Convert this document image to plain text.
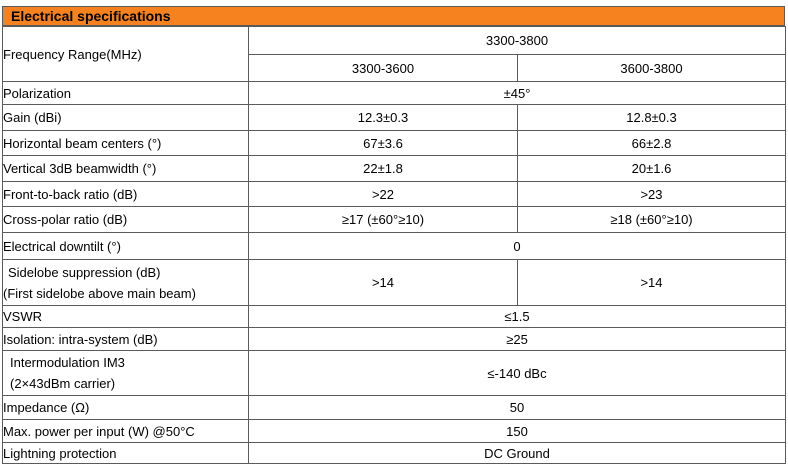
Electrical specifications
Frequency Range(MHz)	3300-3800	
	3300-3600	3600-3800
Polarization	±45°	
Gain (dBi)	12.3±0.3	12.8±0.3
Horizontal beam centers (°)	67±3.6	66±2.8
Vertical 3dB beamwidth (°)	22±1.8	20±1.6
Front-to-back ratio (dB)	>22	>23
Cross-polar ratio (dB)	≥17 (±60°≥10)	≥18 (±60°≥10)
Electrical downtilt (°)	0	

Sidelobe suppression (dB)
(First sidelobe above main beam)	>14	>14
VSWR	≤1.5	
Isolation: intra-system (dB)	≥25	

Intermodulation IM3
(2×43dBm carrier)	≤-140 dBc	
Impedance (Ω)	50	
Max. power per input (W) @50°C	150	
Lightning protection	DC Ground	
